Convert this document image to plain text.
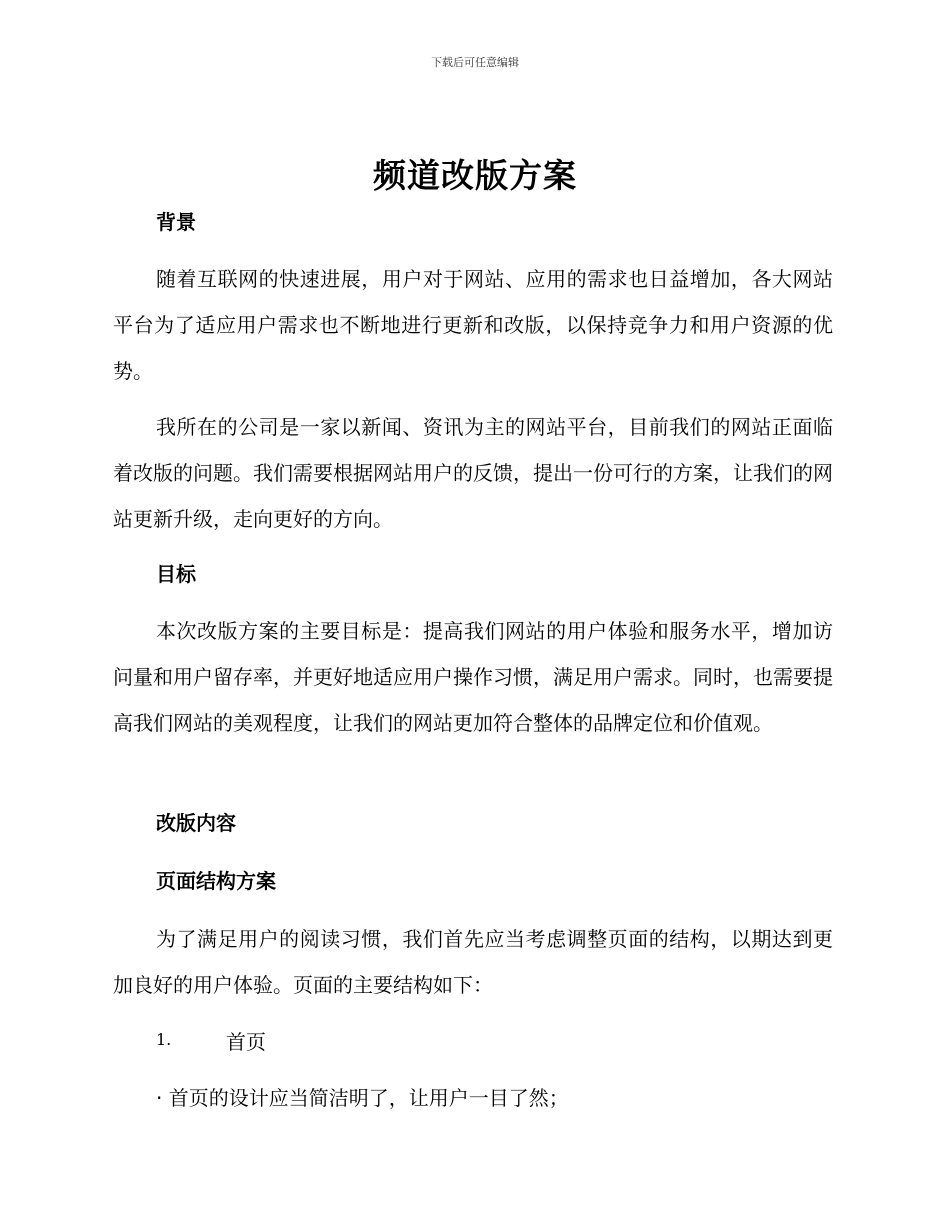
下载后可任意编辑
频道改版方案
背景
随着互联网的快速进展，用户对于网站、应用的需求也日益增加，各大网站平台为了适应用户需求也不断地进行更新和改版，以保持竞争力和用户资源的优势。
我所在的公司是一家以新闻、资讯为主的网站平台，目前我们的网站正面临着改版的问题。我们需要根据网站用户的反馈，提出一份可行的方案，让我们的网站更新升级，走向更好的方向。
目标
本次改版方案的主要目标是：提高我们网站的用户体验和服务水平，增加访问量和用户留存率，并更好地适应用户操作习惯，满足用户需求。同时，也需要提高我们网站的美观程度，让我们的网站更加符合整体的品牌定位和价值观。
改版内容
页面结构方案
为了满足用户的阅读习惯，我们首先应当考虑调整页面的结构，以期达到更加良好的用户体验。页面的主要结构如下：
1.	首页
· 首页的设计应当简洁明了，让用户一目了然；
